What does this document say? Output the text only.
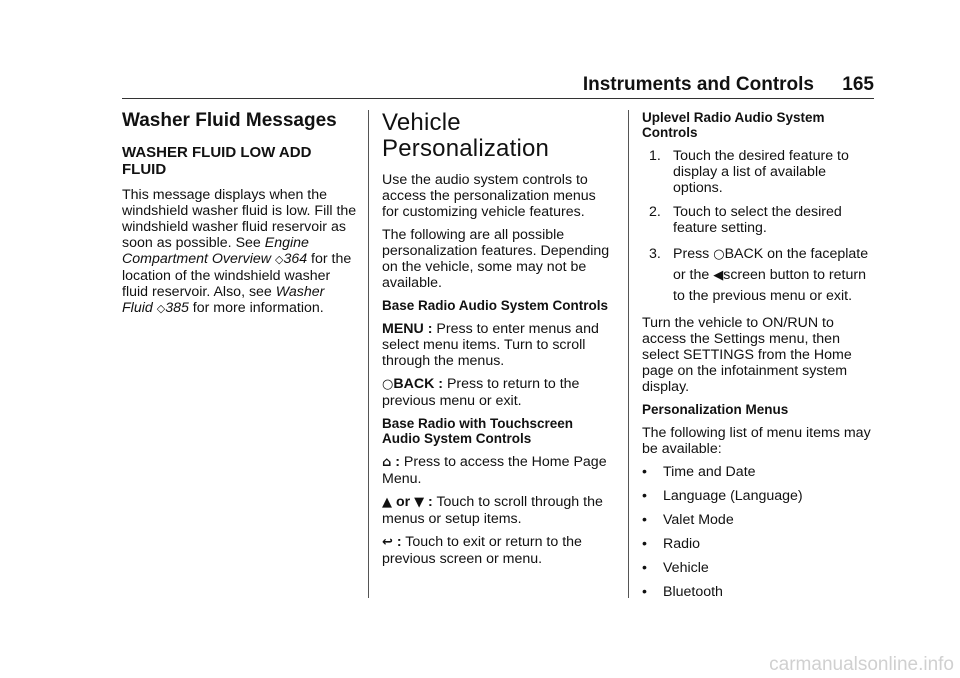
Instruments and Controls 165
Washer Fluid Messages
WASHER FLUID LOW ADD FLUID

This message displays when the windshield washer fluid is low. Fill the windshield washer fluid reservoir as soon as possible. See Engine Compartment Overview ◇364 for the location of the windshield washer fluid reservoir. Also, see Washer Fluid ◇385 for more information.

Vehicle Personalization

Use the audio system controls to access the personalization menus for customizing vehicle features.

The following are all possible personalization features. Depending on the vehicle, some may not be available.

Base Radio Audio System Controls

MENU : Press to enter menus and select menu items. Turn to scroll through the menus.

○BACK : Press to return to the previous menu or exit.

Base Radio with Touchscreen Audio System Controls

⌂ : Press to access the Home Page Menu.

▲ or ▼ : Touch to scroll through the menus or setup items.

↩ : Touch to exit or return to the previous screen or menu.

Uplevel Radio Audio System Controls
1. Touch the desired feature to display a list of available options.
2. Touch to select the desired feature setting.
3. Press ○BACK on the faceplate or the ◀screen button to return to the previous menu or exit.

Turn the vehicle to ON/RUN to access the Settings menu, then select SETTINGS from the Home page on the infotainment system display.

Personalization Menus

The following list of menu items may be available:

• Time and Date
• Language (Language)
• Valet Mode
• Radio
• Vehicle
• Bluetooth
carmanualsonline.info
